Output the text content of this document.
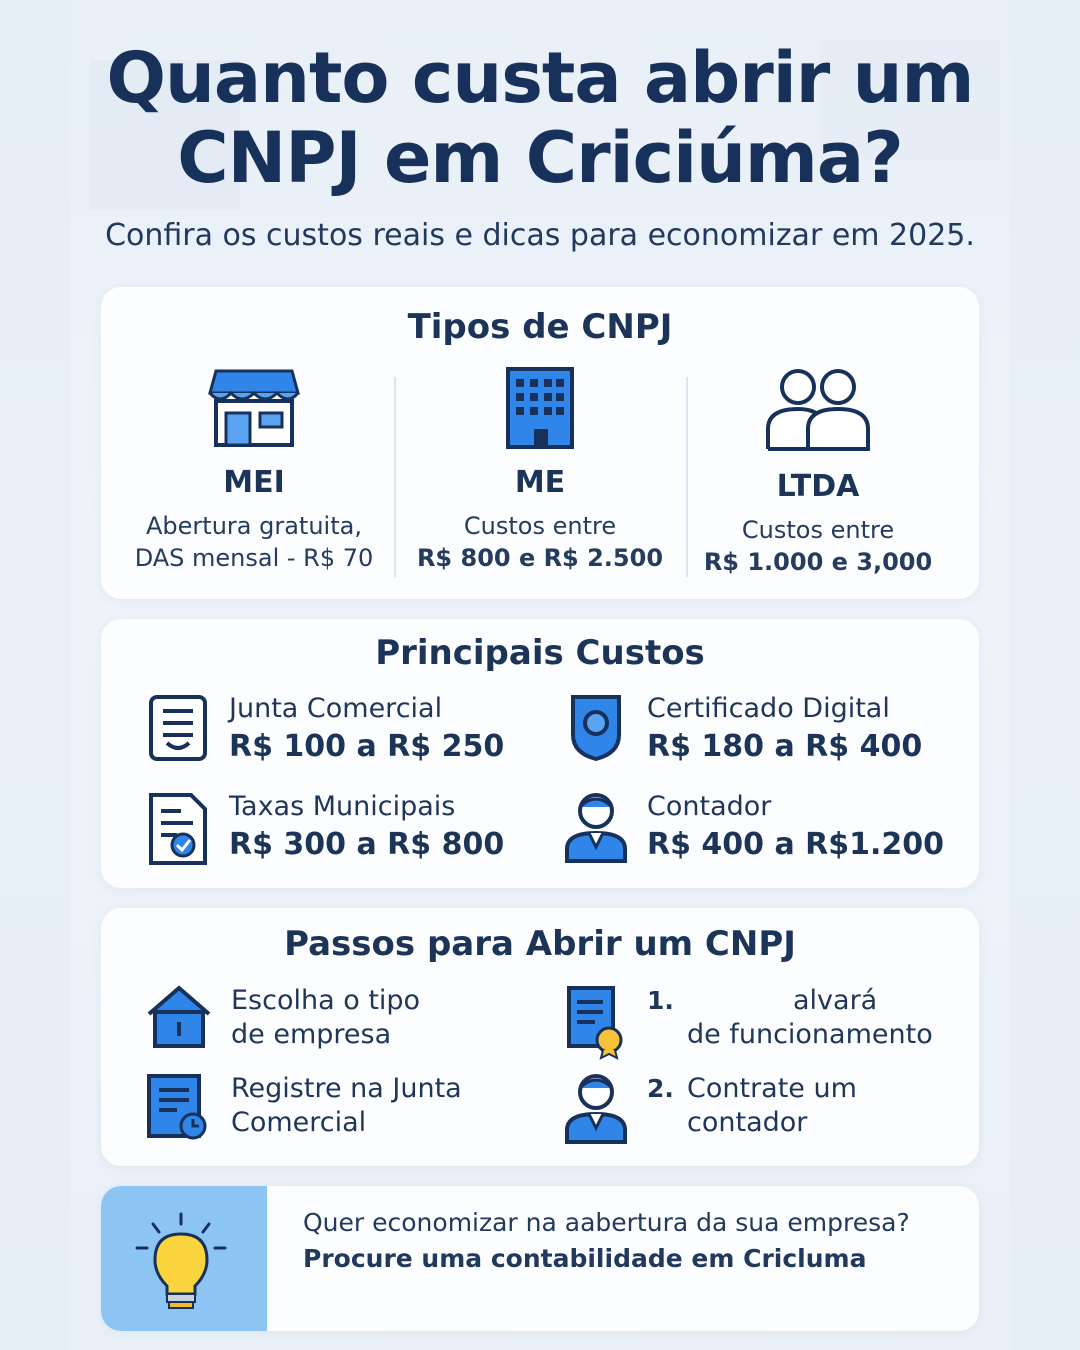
Quanto custa abrir um
CNPJ em Criciúma?
Confira os custos reais e dicas para economizar em 2025.
Tipos de CNPJ
MEI
Abertura gratuita,
DAS mensal - R$ 70
ME
Custos entre
R$ 800 e R$ 2.500
LTDA
Custos entre
R$ 1.000 e 3,000
Principais Custos
Junta Comercial
R$ 100 a R$ 250
Certificado Digital
R$ 180 a R$ 400
Taxas Municipais
R$ 300 a R$ 800
Contador
R$ 400 a R$1.200
Passos para Abrir um CNPJ
Escolha o tipo
de empresa
1.	alvará
de funcionamento
Registre na Junta
Comercial
2. Contrate um
contador
Quer economizar na aabertura da sua empresa?
Procure uma contabilidade em Cricluma
